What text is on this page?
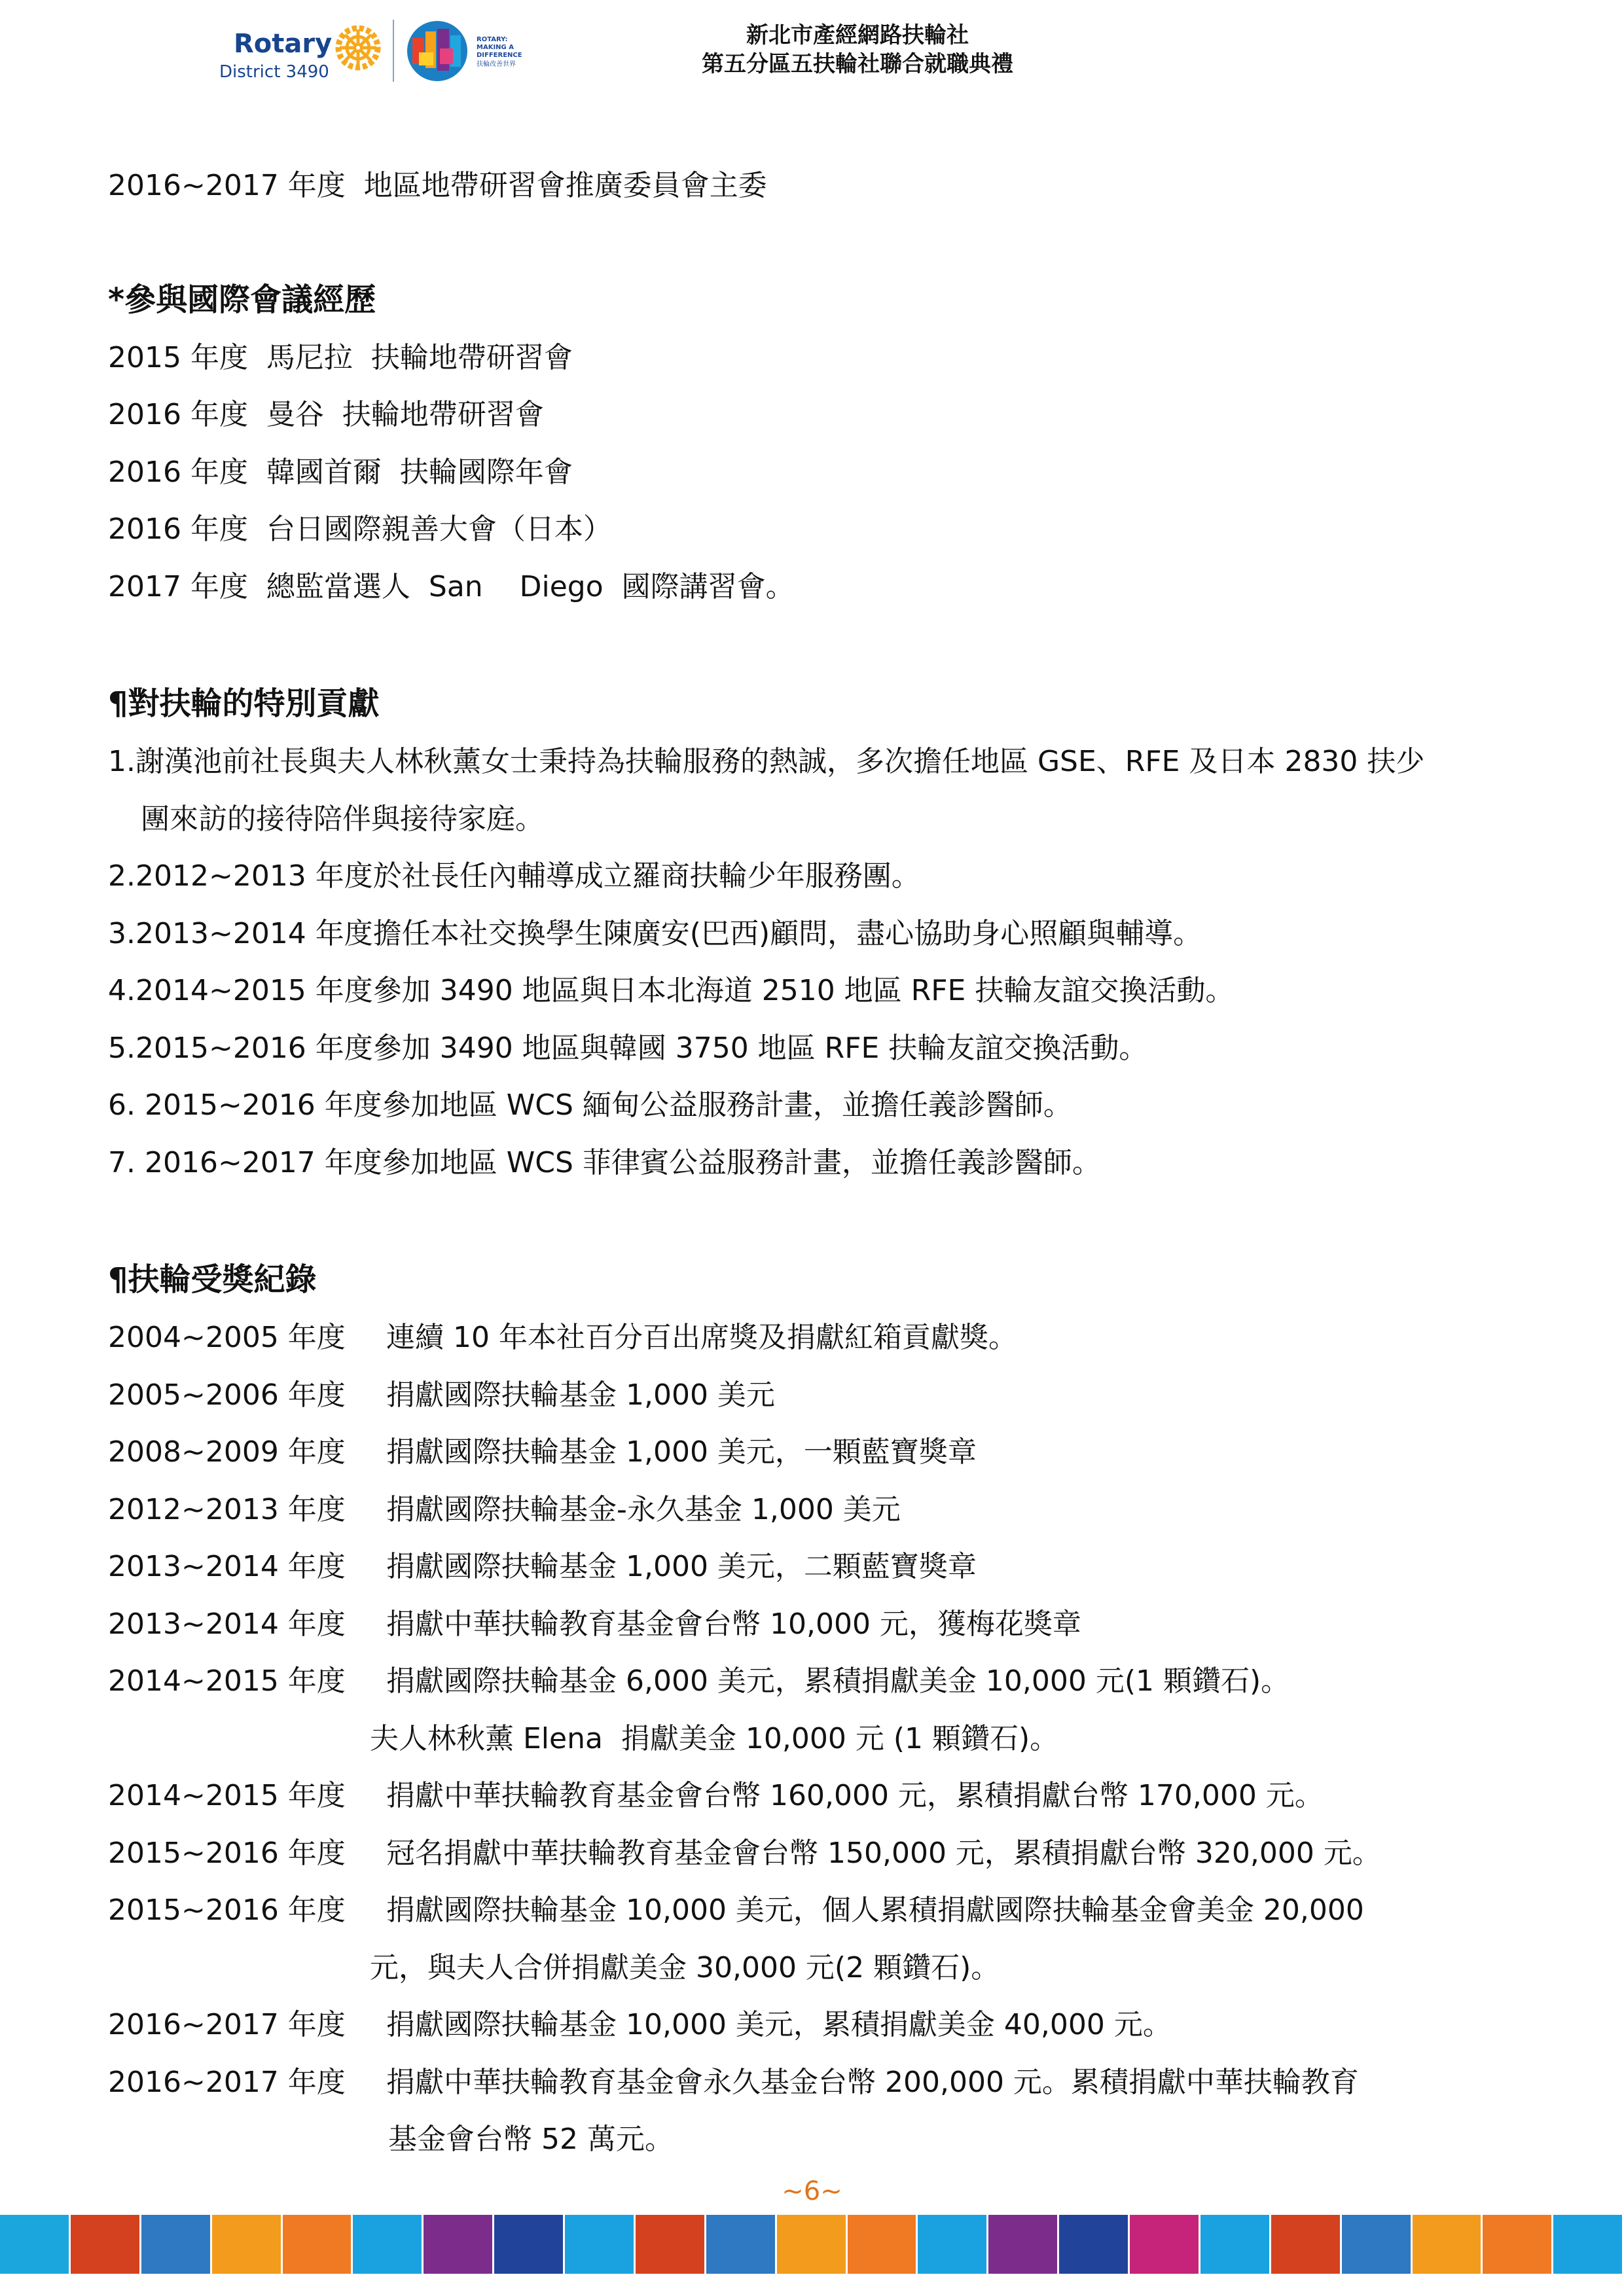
Rotary
District 3490
ROTARY: MAKING A DIFFERENCE
扶輪改善世界
新北市產經網路扶輪社
第五分區五扶輪社聯合就職典禮
2016~2017 年度  地區地帶研習會推廣委員會主委
*參與國際會議經歷
2015 年度  馬尼拉  扶輪地帶研習會
2016 年度  曼谷  扶輪地帶研習會
2016 年度  韓國首爾  扶輪國際年會
2016 年度  台日國際親善大會（日本）
2017 年度  總監當選人  San    Diego  國際講習會。
¶對扶輪的特別貢獻
1.謝漢池前社長與夫人林秋薰女士秉持為扶輪服務的熱誠，多次擔任地區 GSE、RFE 及日本 2830 扶少
團來訪的接待陪伴與接待家庭。
2.2012~2013 年度於社長任內輔導成立羅商扶輪少年服務團。
3.2013~2014 年度擔任本社交換學生陳廣安(巴西)顧問，盡心協助身心照顧與輔導。
4.2014~2015 年度參加 3490 地區與日本北海道 2510 地區 RFE 扶輪友誼交換活動。
5.2015~2016 年度參加 3490 地區與韓國 3750 地區 RFE 扶輪友誼交換活動。
6. 2015~2016 年度參加地區 WCS 緬甸公益服務計畫，並擔任義診醫師。
7. 2016~2017 年度參加地區 WCS 菲律賓公益服務計畫，並擔任義診醫師。
¶扶輪受獎紀錄
2004~2005 年度 連續 10 年本社百分百出席獎及捐獻紅箱貢獻獎。
2005~2006 年度 捐獻國際扶輪基金 1,000 美元
2008~2009 年度 捐獻國際扶輪基金 1,000 美元，一顆藍寶獎章
2012~2013 年度 捐獻國際扶輪基金-永久基金 1,000 美元
2013~2014 年度 捐獻國際扶輪基金 1,000 美元，二顆藍寶獎章
2013~2014 年度 捐獻中華扶輪教育基金會台幣 10,000 元，獲梅花獎章
2014~2015 年度 捐獻國際扶輪基金 6,000 美元，累積捐獻美金 10,000 元(1 顆鑽石)。
夫人林秋薰 Elena  捐獻美金 10,000 元 (1 顆鑽石)。
2014~2015 年度 捐獻中華扶輪教育基金會台幣 160,000 元，累積捐獻台幣 170,000 元。
2015~2016 年度 冠名捐獻中華扶輪教育基金會台幣 150,000 元，累積捐獻台幣 320,000 元。
2015~2016 年度 捐獻國際扶輪基金 10,000 美元，個人累積捐獻國際扶輪基金會美金 20,000
元，與夫人合併捐獻美金 30,000 元(2 顆鑽石)。
2016~2017 年度 捐獻國際扶輪基金 10,000 美元，累積捐獻美金 40,000 元。
2016~2017 年度 捐獻中華扶輪教育基金會永久基金台幣 200,000 元。累積捐獻中華扶輪教育
基金會台幣 52 萬元。
~6~
